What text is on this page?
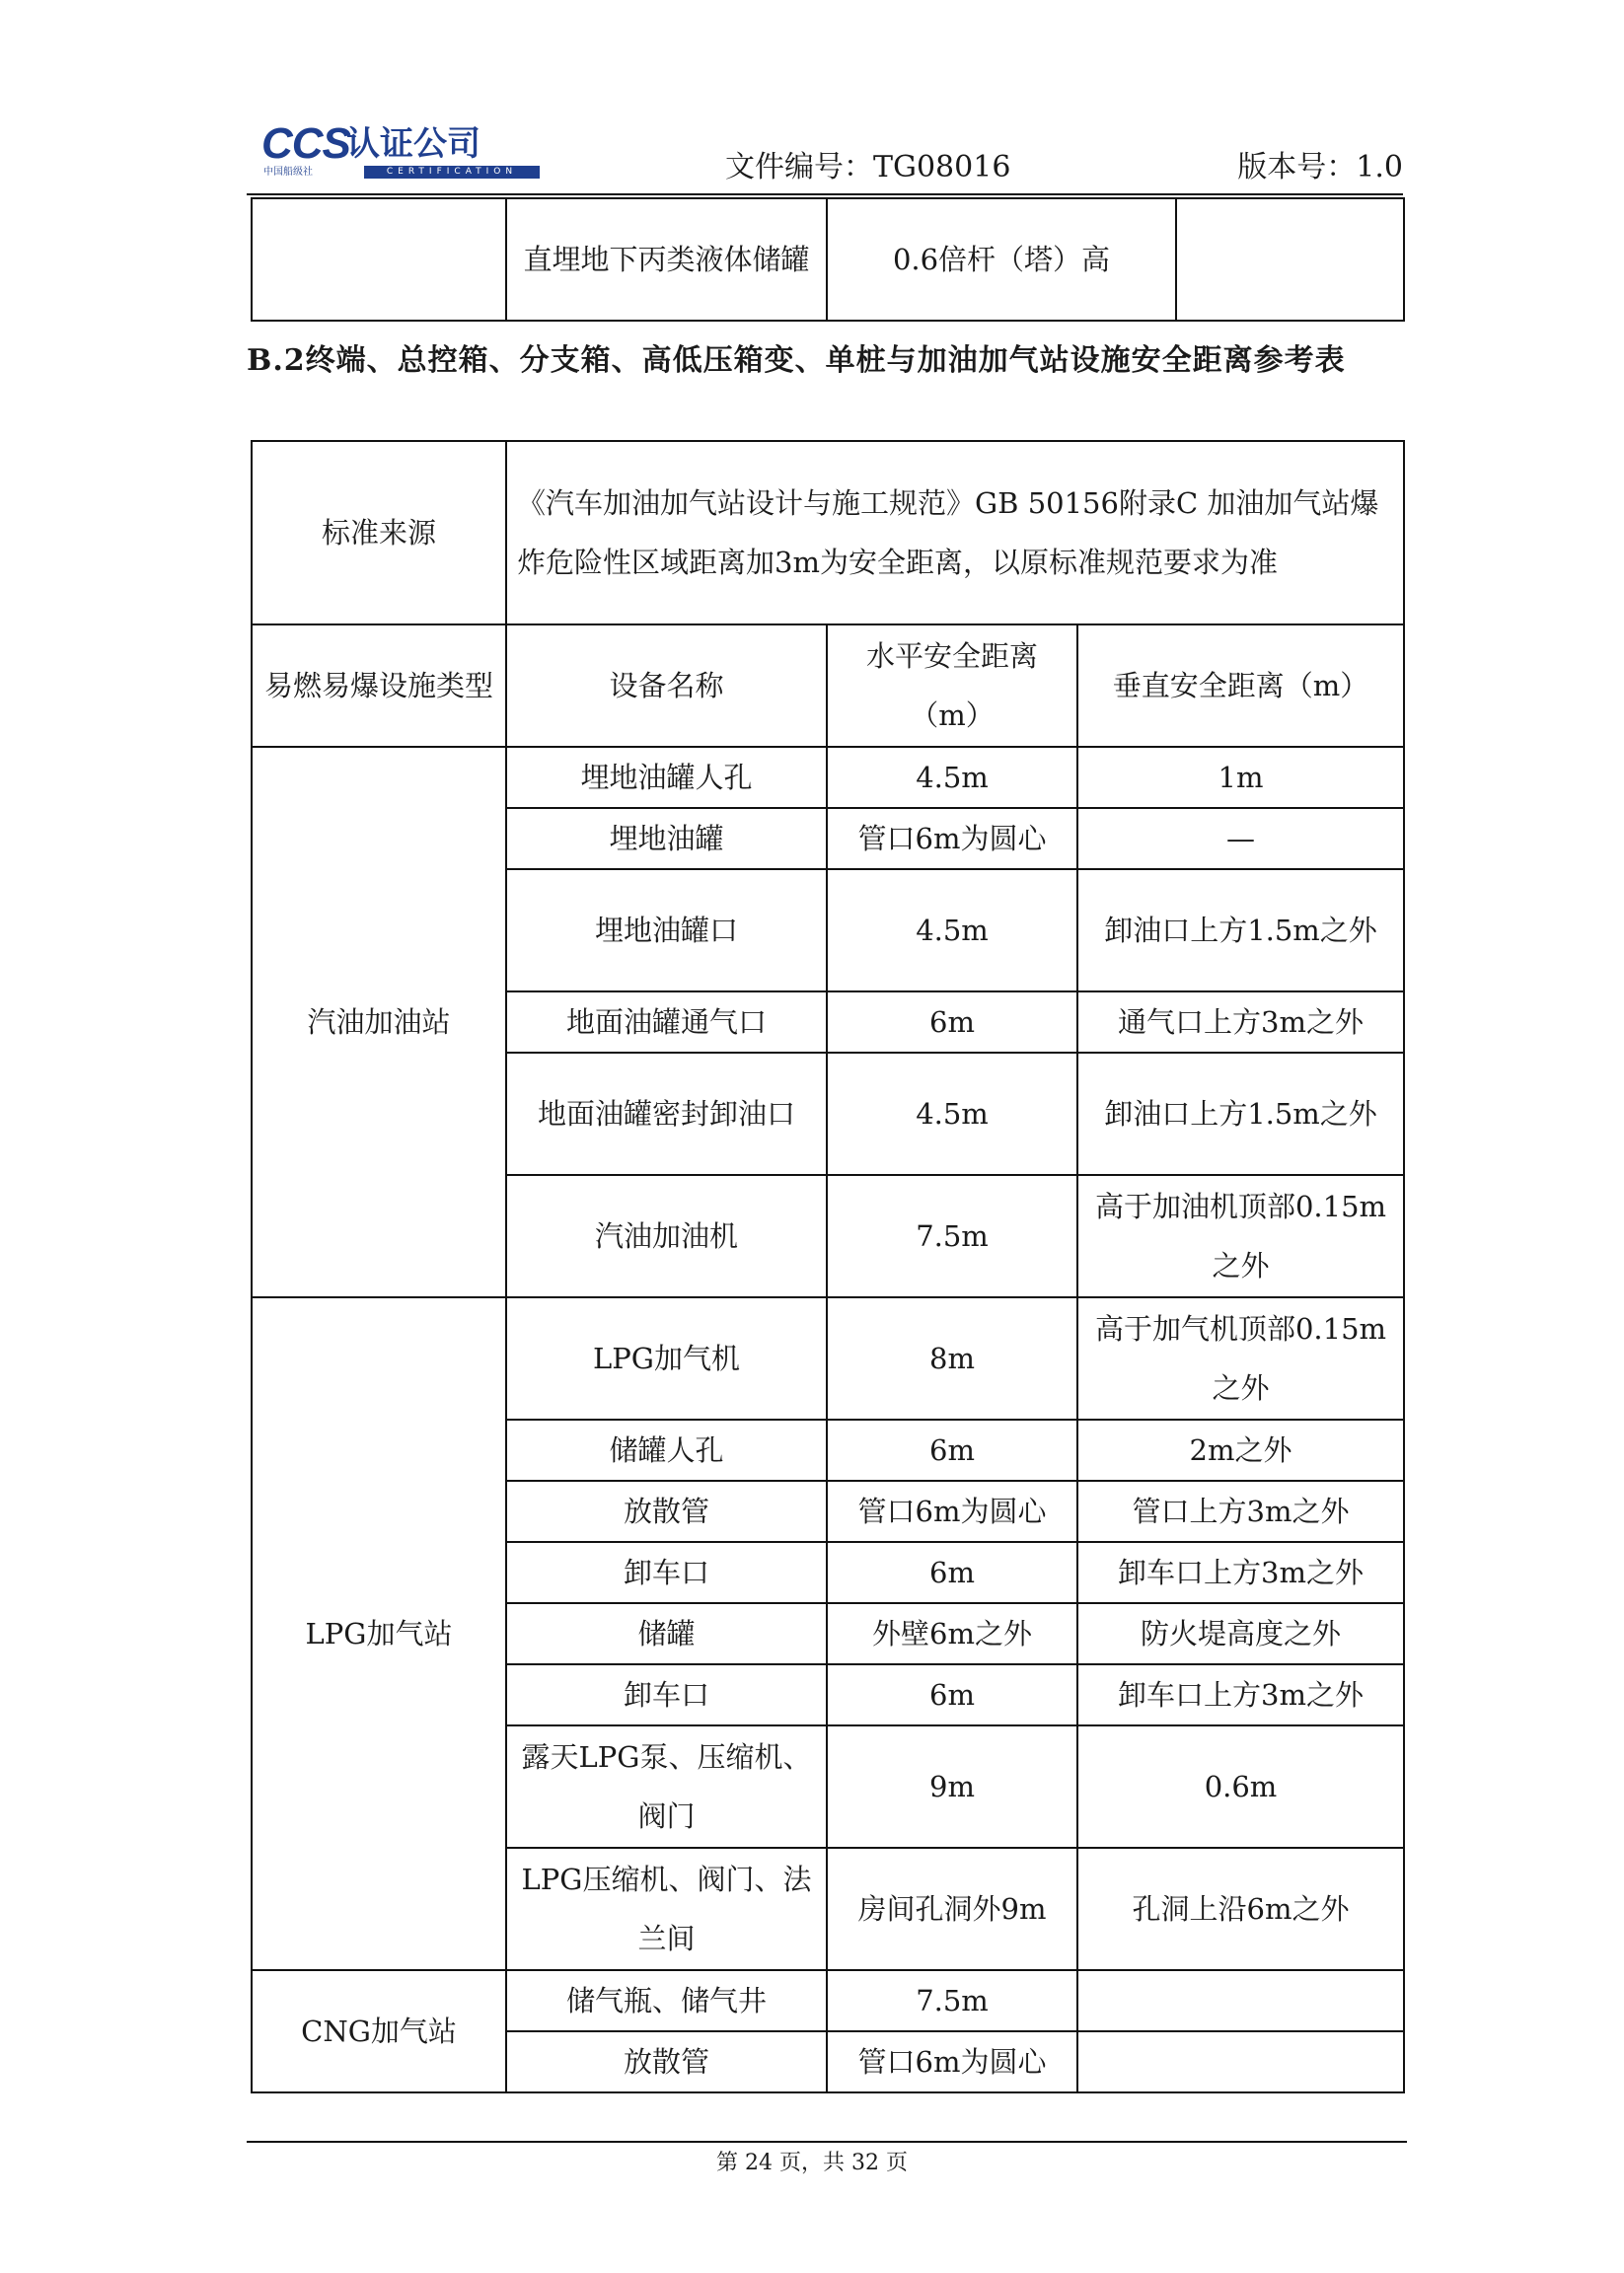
CCS
认证公司
中国船级社	CERTIFICATION	文件编号：TG08016	版本号：1.0
	直埋地下丙类液体储罐	0.6倍杆（塔）高	
B.2终端、总控箱、分支箱、高低压箱变、单桩与加油加气站设施安全距离参考表
标准来源	《汽车加油加气站设计与施工规范》GB 50156附录C 加油加气站爆炸危险性区域距离加3m为安全距离，以原标准规范要求为准		
易燃易爆设施类型	设备名称	水平安全距离（m）	垂直安全距离（m）
汽油加油站	埋地油罐人孔	4.5m	1m
	埋地油罐	管口6m为圆心	—
	埋地油罐口	4.5m	卸油口上方1.5m之外
	地面油罐通气口	6m	通气口上方3m之外
	地面油罐密封卸油口	4.5m	卸油口上方1.5m之外
	汽油加油机	7.5m	高于加油机顶部0.15m之外
LPG加气站	LPG加气机	8m	高于加气机顶部0.15m之外
	储罐人孔	6m	2m之外
	放散管	管口6m为圆心	管口上方3m之外
	卸车口	6m	卸车口上方3m之外
	储罐	外壁6m之外	防火堤高度之外
	卸车口	6m	卸车口上方3m之外
	露天LPG泵、压缩机、阀门	9m	0.6m
	LPG压缩机、阀门、法兰间	房间孔洞外9m	孔洞上沿6m之外
CNG加气站	储气瓶、储气井	7.5m	
	放散管	管口6m为圆心	
第 24 页，共 32 页
